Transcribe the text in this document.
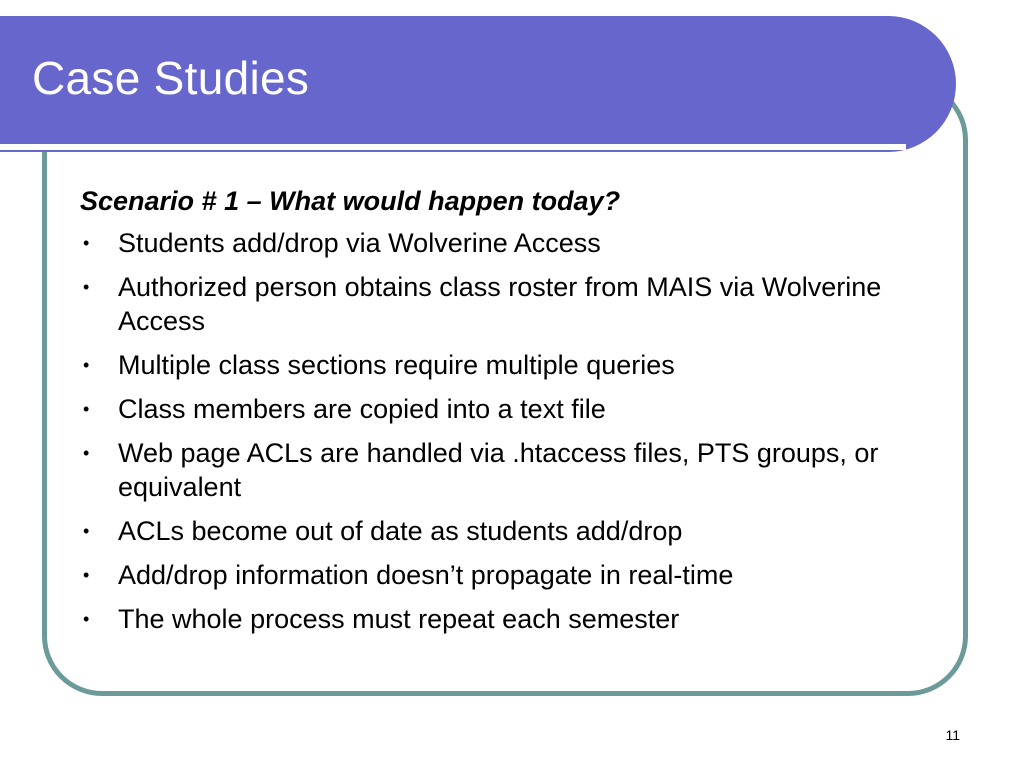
Case Studies

Scenario # 1 – What would happen today?

• Students add/drop via Wolverine Access
• Authorized person obtains class roster from MAIS via Wolverine Access
• Multiple class sections require multiple queries
• Class members are copied into a text file
• Web page ACLs are handled via .htaccess files, PTS groups, or equivalent
• ACLs become out of date as students add/drop
• Add/drop information doesn’t propagate in real-time
• The whole process must repeat each semester
11
